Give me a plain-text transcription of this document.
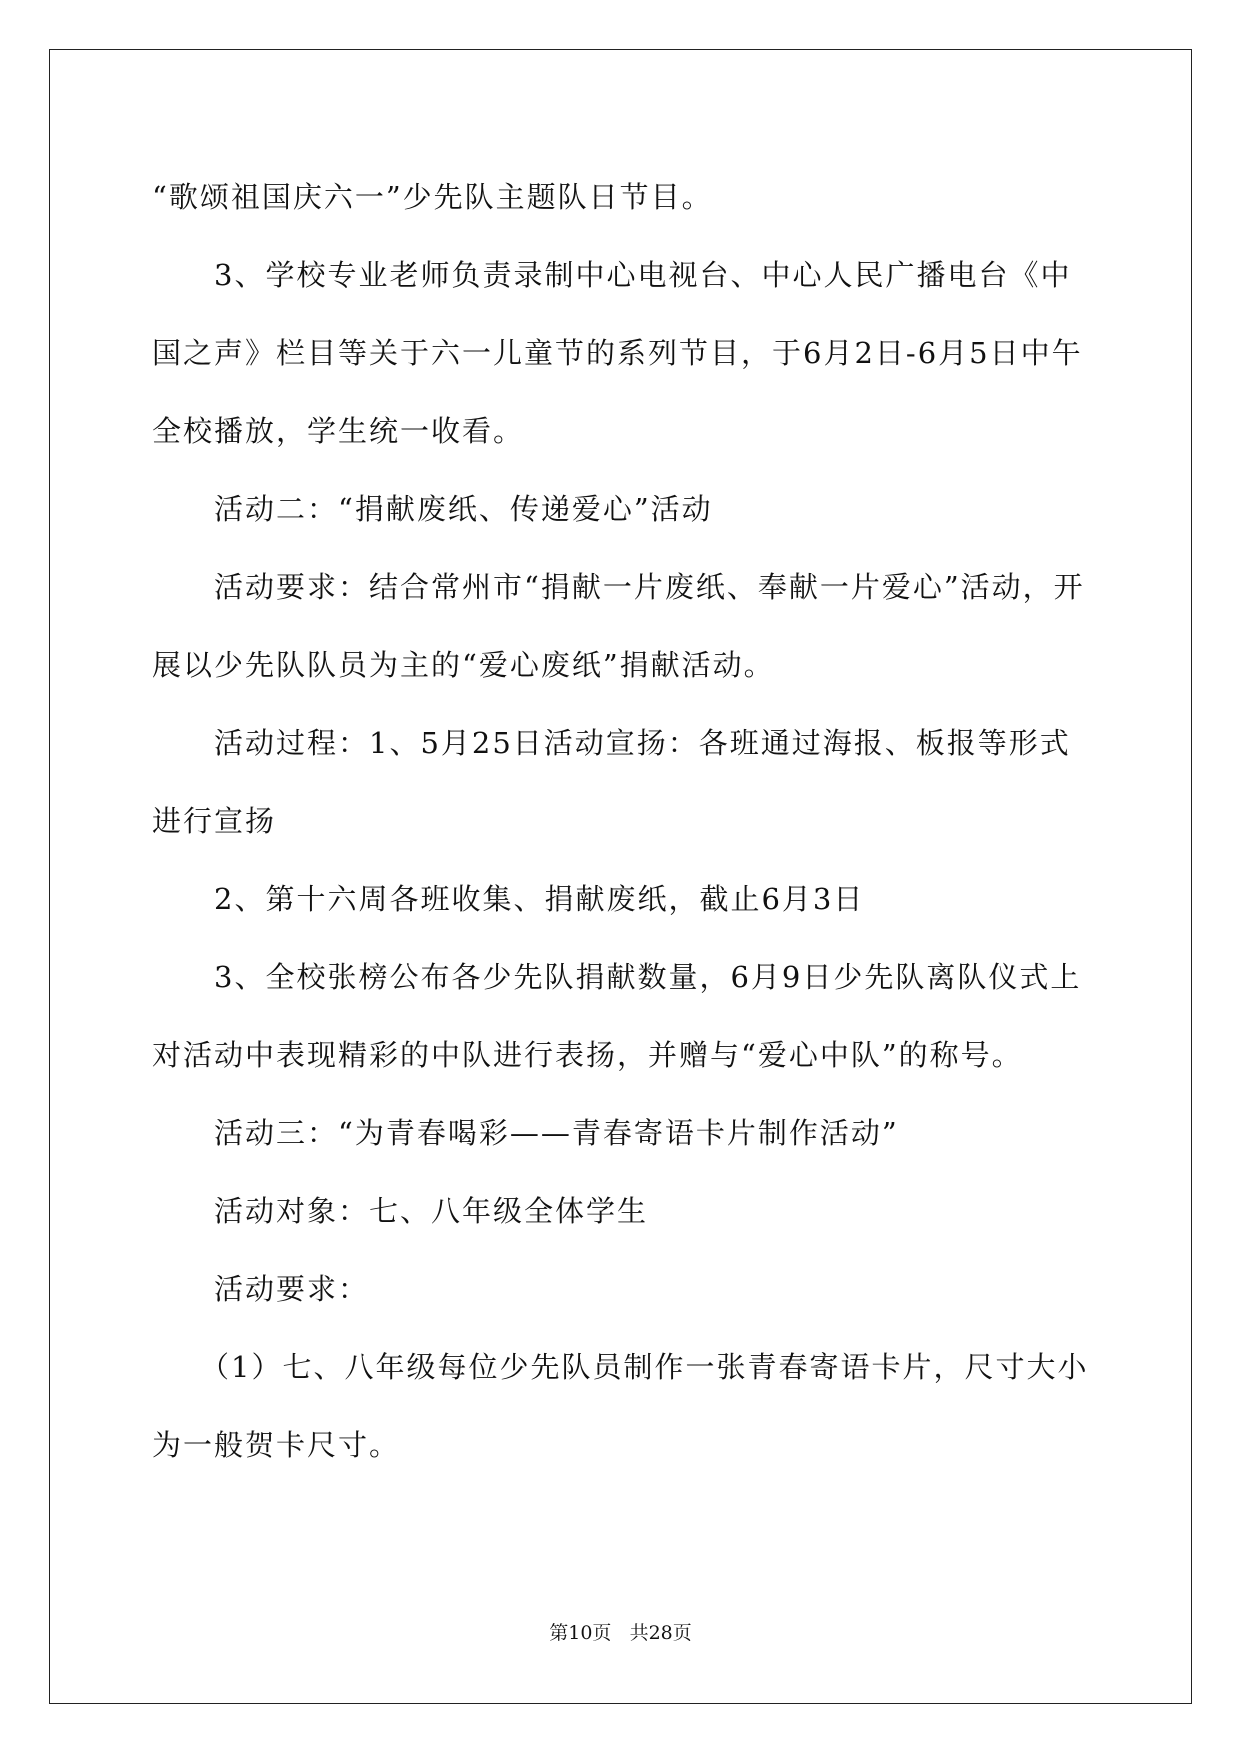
“歌颂祖国庆六一”少先队主题队日节目。

3、学校专业老师负责录制中心电视台、中心人民广播电台《中国之声》栏目等关于六一儿童节的系列节目，于6月2日-6月5日中午全校播放，学生统一收看。

活动二：“捐献废纸、传递爱心”活动

活动要求：结合常州市“捐献一片废纸、奉献一片爱心”活动，开展以少先队队员为主的“爱心废纸”捐献活动。

活动过程：1、5月25日活动宣扬：各班通过海报、板报等形式进行宣扬

2、第十六周各班收集、捐献废纸，截止6月3日

3、全校张榜公布各少先队捐献数量，6月9日少先队离队仪式上对活动中表现精彩的中队进行表扬，并赠与“爱心中队”的称号。

活动三：“为青春喝彩——青春寄语卡片制作活动”

活动对象：七、八年级全体学生

活动要求：

（1）七、八年级每位少先队员制作一张青春寄语卡片，尺寸大小为一般贺卡尺寸。

第10页 共28页
